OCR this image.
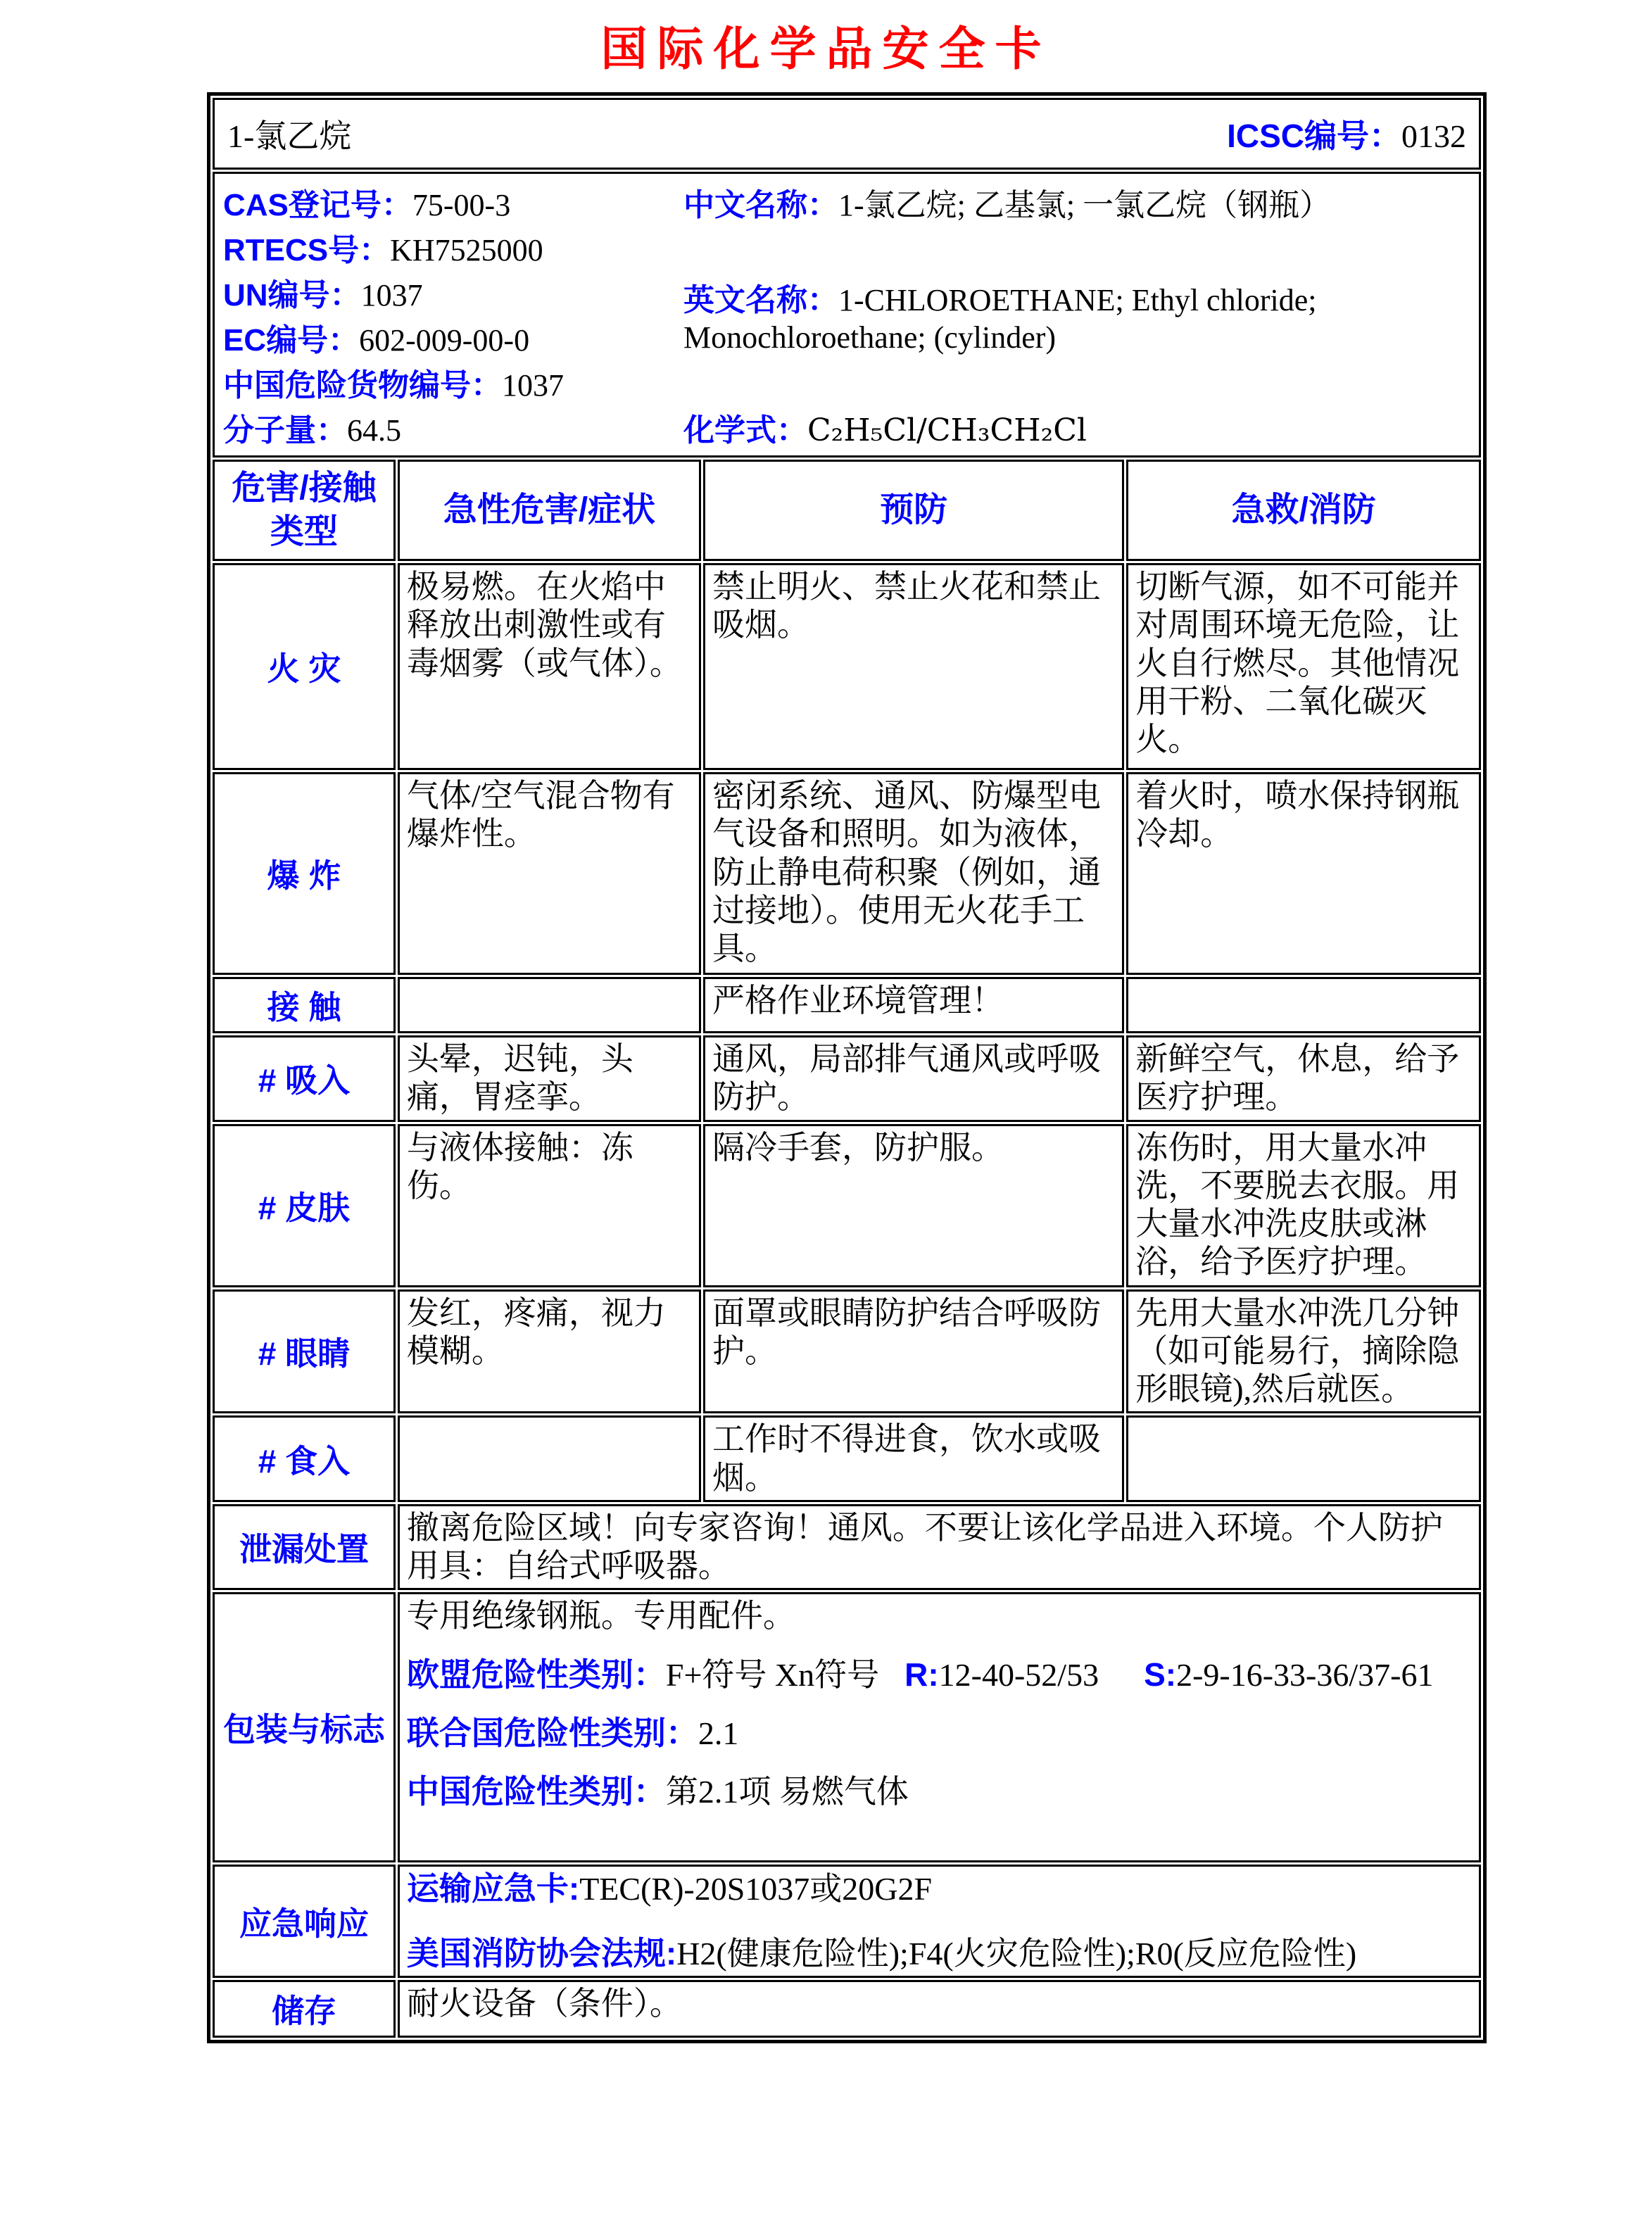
国际化学品安全卡
1-氯乙烷 ICSC编号：0132			

CAS登记号：75-00-3
RTECS号：KH7525000
UN编号：1037
EC编号：602-009-00-0
中国危险货物编号：1037
分子量：64.5
中文名称：1-氯乙烷; 乙基氯; 一氯乙烷（钢瓶）
英文名称：1-CHLOROETHANE; Ethyl chloride; Monochloroethane; (cylinder)
化学式：C₂H₅Cl/CH₃CH₂Cl

危害/接触类型	急性危害/症状	预防	急救/消防
火 灾	极易燃。在火焰中释放出刺激性或有毒烟雾（或气体）。	禁止明火、禁止火花和禁止吸烟。	切断气源，如不可能并对周围环境无危险，让火自行燃尽。其他情况用干粉、二氧化碳灭火。
爆 炸	气体/空气混合物有爆炸性。	密闭系统、通风、防爆型电气设备和照明。如为液体，防止静电荷积聚（例如，通过接地）。使用无火花手工具。	着火时，喷水保持钢瓶冷却。
接 触		严格作业环境管理！	
# 吸入	头晕，迟钝，头痛，胃痉挛。	通风，局部排气通风或呼吸防护。	新鲜空气，休息，给予医疗护理。
# 皮肤	与液体接触：冻伤。	隔冷手套，防护服。	冻伤时，用大量水冲洗，不要脱去衣服。用大量水冲洗皮肤或淋浴，给予医疗护理。
# 眼睛	发红，疼痛，视力模糊。	面罩或眼睛防护结合呼吸防护。	先用大量水冲洗几分钟（如可能易行，摘除隐形眼镜),然后就医。
# 食入		工作时不得进食，饮水或吸烟。	
泄漏处置	撤离危险区域！向专家咨询！通风。不要让该化学品进入环境。个人防护用具：自给式呼吸器。		
包装与标志	专用绝缘钢瓶。专用配件。

欧盟危险性类别：F+符号 Xn符号 R:12-40-52/53 S:2-9-16-33-36/37-61

联合国危险性类别：2.1

中国危险性类别：第2.1项 易燃气体		

应急响应	运输应急卡:TEC(R)-20S1037或20G2F
美国消防协会法规:H2(健康危险性);F4(火灾危险性);R0(反应危险性)		

储存	耐火设备（条件）。		
